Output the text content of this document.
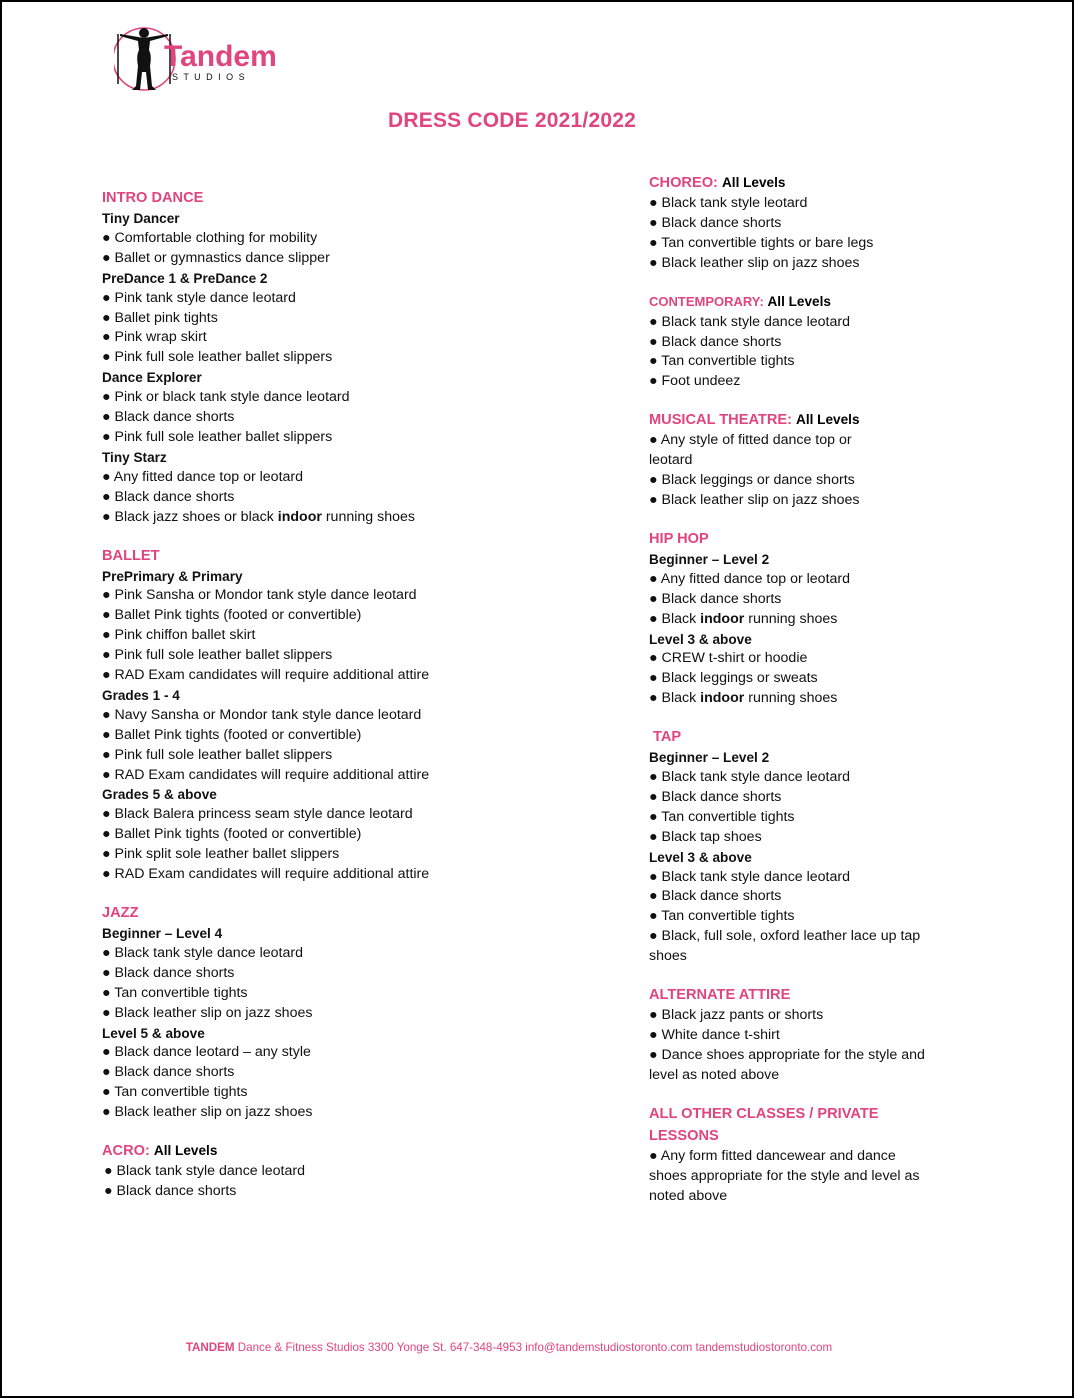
Tandem
S T U D I O S
DRESS CODE 2021/2022
INTRO DANCE
Tiny Dancer
● Comfortable clothing for mobility
● Ballet or gymnastics dance slipper
PreDance 1 & PreDance 2
● Pink tank style dance leotard
● Ballet pink tights
● Pink wrap skirt
● Pink full sole leather ballet slippers
Dance Explorer
● Pink or black tank style dance leotard
● Black dance shorts
● Pink full sole leather ballet slippers
Tiny Starz
● Any fitted dance top or leotard
● Black dance shorts
● Black jazz shoes or black indoor running shoes
BALLET
PrePrimary & Primary
● Pink Sansha or Mondor tank style dance leotard
● Ballet Pink tights (footed or convertible)
● Pink chiffon ballet skirt
● Pink full sole leather ballet slippers
● RAD Exam candidates will require additional attire
Grades 1 - 4
● Navy Sansha or Mondor tank style dance leotard
● Ballet Pink tights (footed or convertible)
● Pink full sole leather ballet slippers
● RAD Exam candidates will require additional attire
Grades 5 & above
● Black Balera princess seam style dance leotard
● Ballet Pink tights (footed or convertible)
● Pink split sole leather ballet slippers
● RAD Exam candidates will require additional attire
JAZZ
Beginner – Level 4
● Black tank style dance leotard
● Black dance shorts
● Tan convertible tights
● Black leather slip on jazz shoes
Level 5 & above
● Black dance leotard – any style
● Black dance shorts
● Tan convertible tights
● Black leather slip on jazz shoes
ACRO: All Levels
● Black tank style dance leotard
● Black dance shorts
CHOREO: All Levels
● Black tank style leotard
● Black dance shorts
● Tan convertible tights or bare legs
● Black leather slip on jazz shoes
CONTEMPORARY: All Levels
● Black tank style dance leotard
● Black dance shorts
● Tan convertible tights
● Foot undeez
MUSICAL THEATRE: All Levels
● Any style of fitted dance top or
leotard
● Black leggings or dance shorts
● Black leather slip on jazz shoes
HIP HOP
Beginner – Level 2
● Any fitted dance top or leotard
● Black dance shorts
● Black indoor running shoes
Level 3 & above
● CREW t-shirt or hoodie
● Black leggings or sweats
● Black indoor running shoes
TAP
Beginner – Level 2
● Black tank style dance leotard
● Black dance shorts
● Tan convertible tights
● Black tap shoes
Level 3 & above
● Black tank style dance leotard
● Black dance shorts
● Tan convertible tights
● Black, full sole, oxford leather lace up tap
shoes
ALTERNATE ATTIRE
● Black jazz pants or shorts
● White dance t-shirt
● Dance shoes appropriate for the style and
level as noted above
ALL OTHER CLASSES / PRIVATE LESSONS
● Any form fitted dancewear and dance
shoes appropriate for the style and level as
noted above
TANDEM Dance & Fitness Studios 3300 Yonge St. 647-348-4953 info@tandemstudiostoronto.com tandemstudiostoronto.com
